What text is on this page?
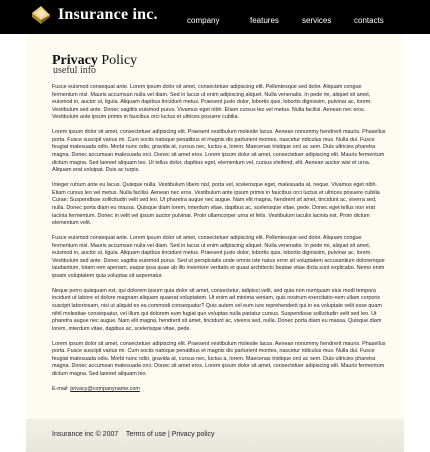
Insurance inc.	company	features	services	contacts
Privacy Policy
useful info

Fusce euismod consequat ante. Lorem ipsum dolor sit amet, consectetuer adipiscing elit. Pellentesque sed dolor. Aliquam congue fermentum nisl. Mauris accumsan nulla vel diam. Sed in lacus ut enim adipiscing aliquet. Nulla venenatis. In pede mi, aliquet sit amet, euismod in, auctor ut, ligula. Aliquam dapibus tincidunt metus. Praesent justo dolor, lobortis quis, lobortis dignissim, pulvinar ac, lorem. Vestibulum sed ante. Donec sagittis euismod purus. Vivamus eget nibh. Etiam cursus leo vel metus. Nulla facilisi. Aenean nec eros. Vestibulum ante ipsum primis in faucibus orci luctus et ultrices posuere cubilia.

Lorem ipsum dolor sit amet, consectetuer adipiscing elit. Praesent vestibulum molestie lacus. Aenean nonummy hendrerit mauris. Phasellus porta. Fusce suscipit varius mi. Cum sociis natoque penatibus et magnis dis parturient montes, nascetur ridiculus mus. Nulla dui. Fusce feugiat malesuada odio. Morbi nunc odio, gravida at, cursus nec, luctus a, lorem. Maecenas tristique orci ac sem. Duis ultricies pharetra magna. Donec accumsan malesuada orci. Donec sit amet eros. Lorem ipsum dolor sit amet, consectetuer adipiscing elit. Mauris fermentum dictum magna. Sed laoreet aliquam leo. Ut tellus dolor, dapibus eget, elementum vel, cursus eleifend, elit. Aenean auctor wisi et urna. Aliquam erat volutpat. Duis ac turpis.

Integer rutrum ante eu lacus. Quisque nulla. Vestibulum libero nisl, porta vel, scelerisque eget, malesuada at, neque. Vivamus eget nibh. Etiam cursus leo vel metus. Nulla facilisi. Aenean nec eros. Vestibulum ante ipsum primis in faucibus orci luctus et ultrices posuere cubilia Curae; Suspendisse sollicitudin velit sed leo. Ut pharetra augue nec augue. Nam elit magna, hendrerit sit amet, tincidunt ac, viverra sed, nulla. Donec porta diam eu massa. Quisque diam lorem, interdum vitae, dapibus ac, scelerisque vitae, pede. Donec eget tellus non erat lacinia fermentum. Donec in velit vel ipsum auctor pulvinar. Proin ullamcorper urna et felis. Vestibulum iaculis lacinia est. Proin dictum elementum velit.

Fusce euismod consequat ante. Lorem ipsum dolor sit amet, consectetuer adipiscing elit. Pellentesque sed dolor. Aliquam congue fermentum nisl. Mauris accumsan nulla vel diam. Sed in lacus ut enim adipiscing aliquet. Nulla venenatis. In pede mi, aliquet sit amet, euismod in, auctor ut, ligula. Aliquam dapibus tincidunt metus. Praesent justo dolor, lobortis quis, lobortis dignissim, pulvinar ac, lorem. Vestibulum sed ante. Donec sagittis euismod purus. Sed ut perspiciatis unde omnis iste natus error sit voluptatem accusantium doloremque laudantium, totam rem aperiam, eaque ipsa quae ab illo inventore veritatis et quasi architecto beatae vitae dicta sunt explicabo. Nemo enim ipsam voluptatem quia voluptas sit aspernatur.

Neque porro quisquam est, qui dolorem ipsum quia dolor sit amet, consectetur, adipisci velit, sed quia non numquam eius modi tempora incidunt ut labore et dolore magnam aliquam quaerat voluptatem. Ut enim ad minima veniam, quis nostrum exercitatio-nem ullam corporis suscipit laboriosam, nisi ut aliquid ex ea commodi consequatur? Quis autem vel eum iure reprehenderit qui in ea voluptate velit esse quam nihil molestiae consequatur, vel illum qui dolorem eum fugiat quo voluptas nulla pariatur cursus. Suspendisse sollicitudin velit sed leo. Ut pharetra augue nec augue. Nam elit magna, hendrerit sit amet, tincidunt ac, viverra sed, nulla. Donec porta diam eu massa. Quisque diam lorem, interdum vitae, dapibus ac, scelerisque vitae, pede.

Lorem ipsum dolor sit amet, consectetuer adipiscing elit. Praesent vestibulum molestie lacus. Aenean nonummy hendrerit mauris. Phasellus porta. Fusce suscipit varius mi. Cum sociis natoque penatibus et magnis dis parturient montes, nascetur ridiculus mus. Nulla dui. Fusce feugiat malesuada odio. Morbi nunc odio, gravida at, cursus nec, luctus a, lorem. Maecenas tristique orci ac sem. Duis ultricies pharetra magna. Donec accumsan malesuada orci. Donec sit amet eros. Lorem ipsum dolor sit amet, consectetuer adipiscing elit. Mauris fermentum dictum magna. Sed laoreet aliquam leo.

E-mail: privacy@companyname.com
Insurance inc © 2007 Terms of use | Privacy policy
